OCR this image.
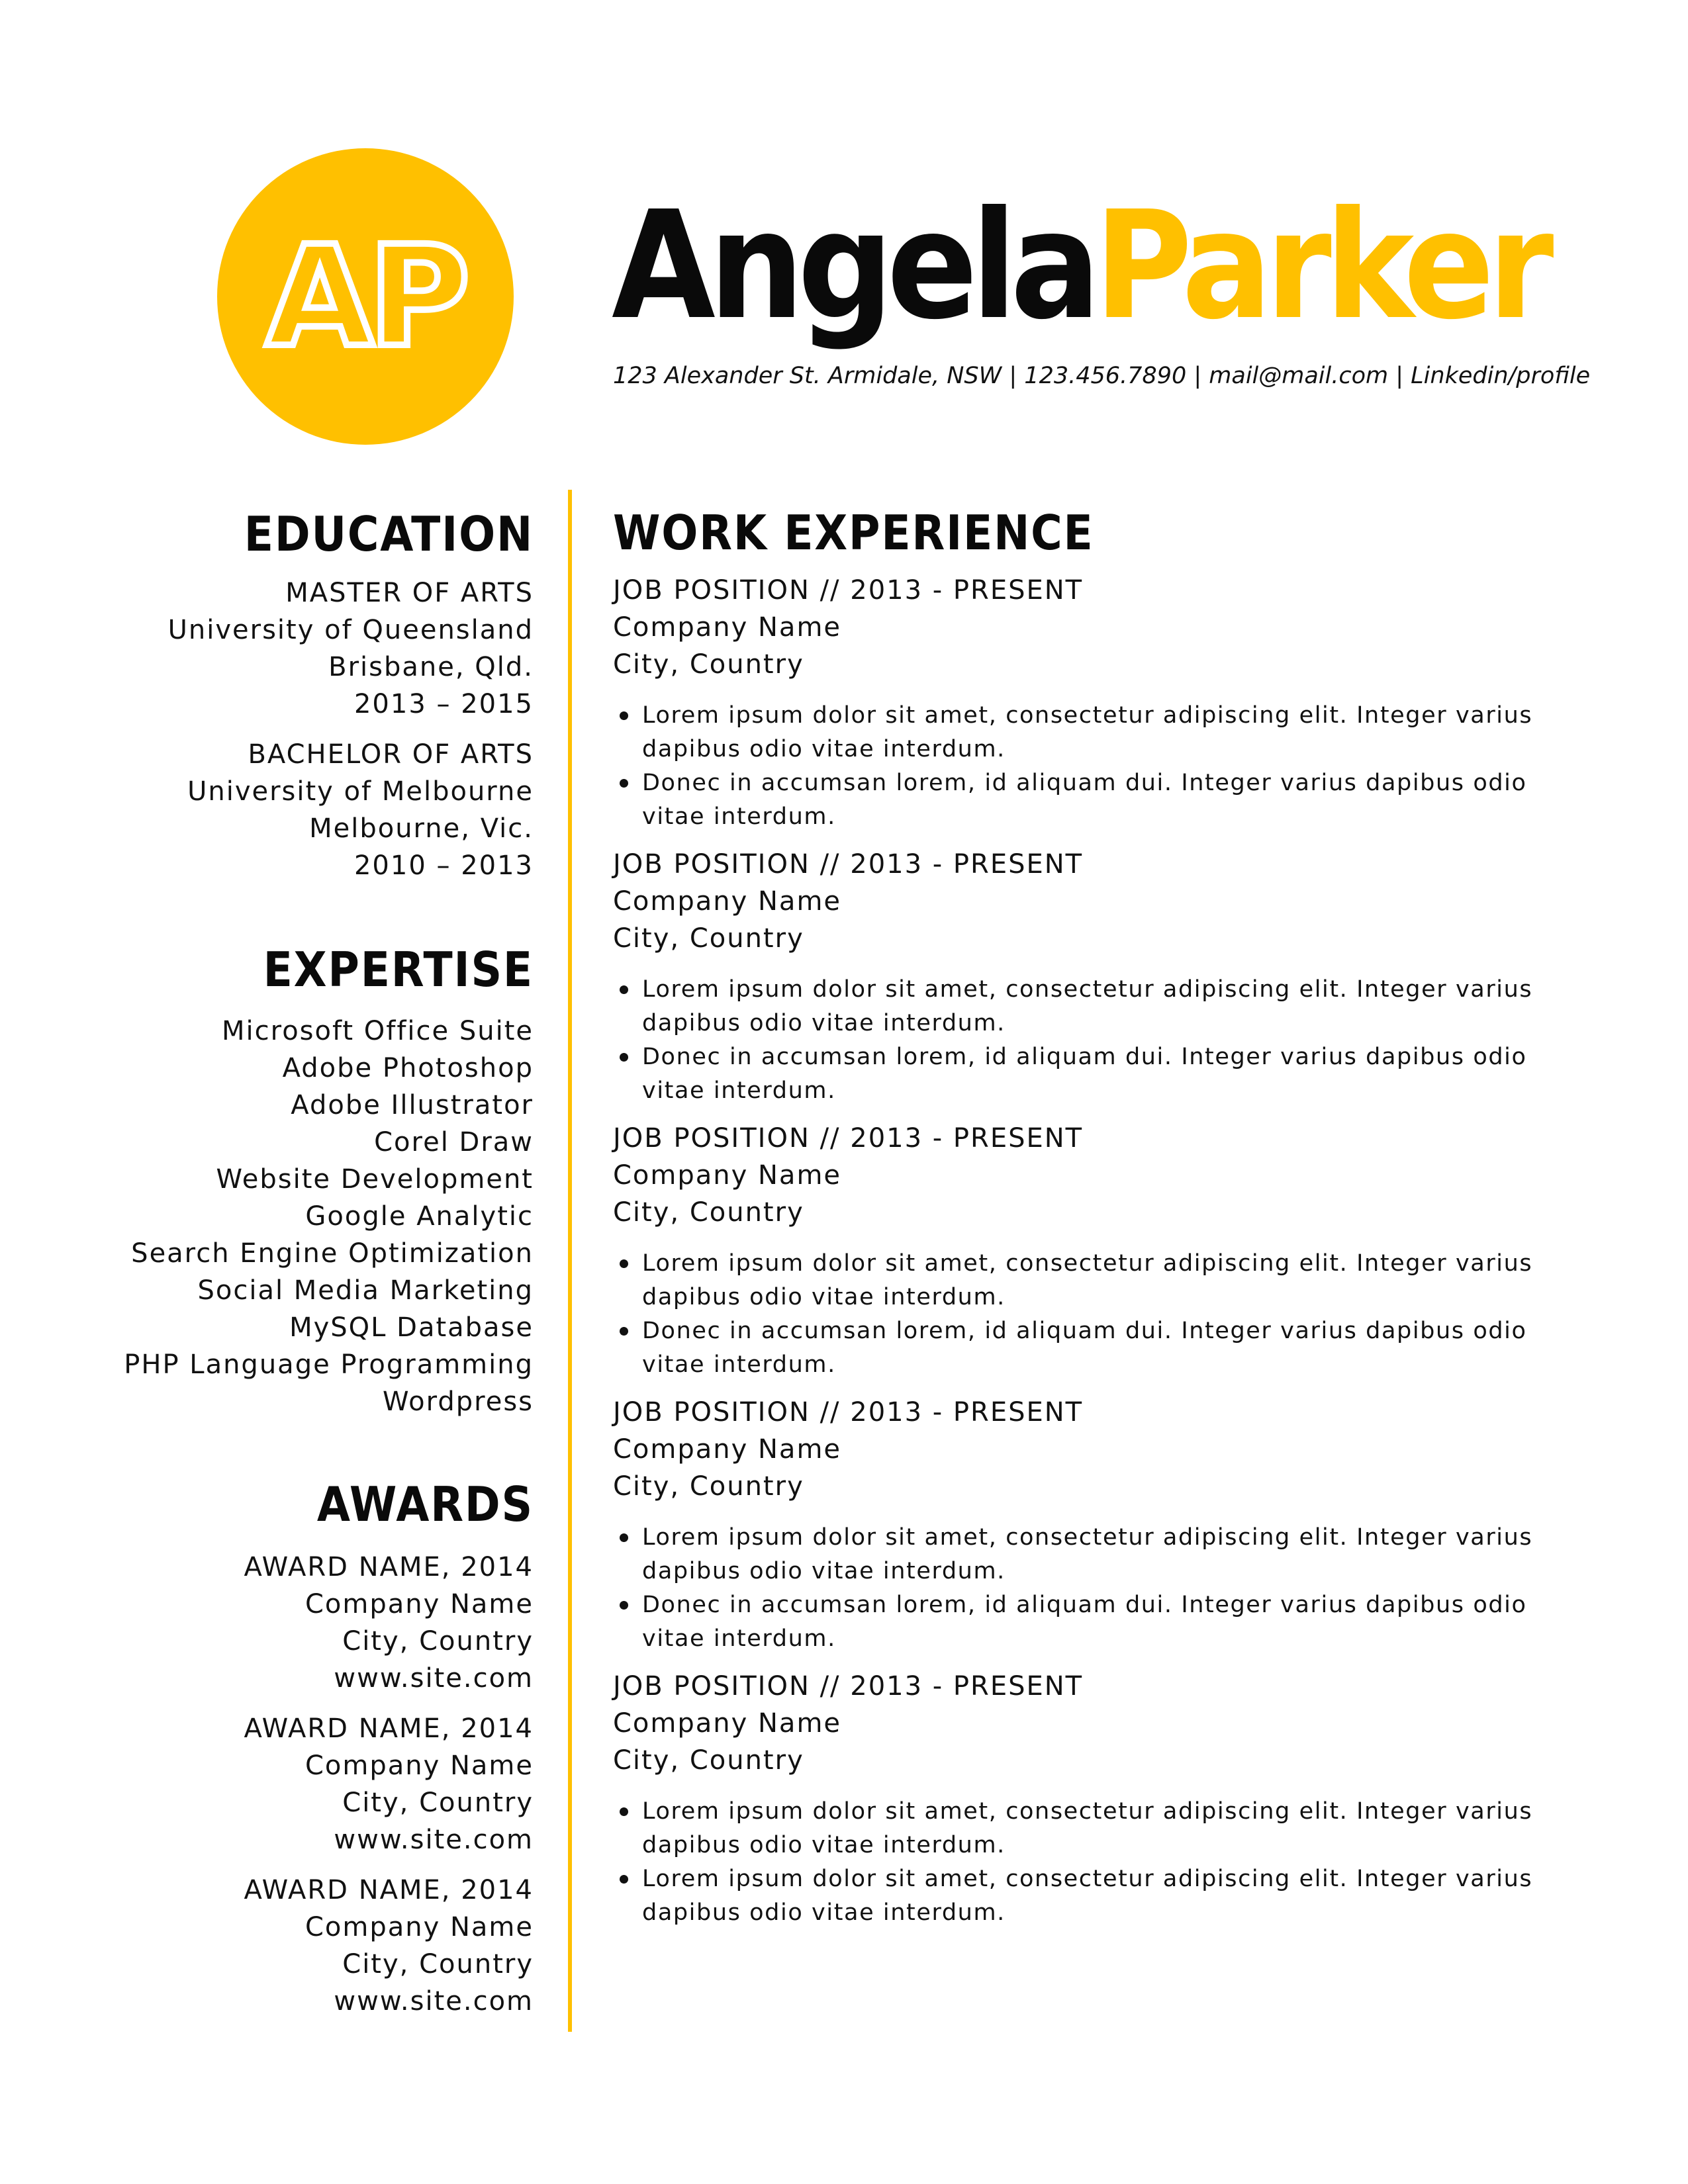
AP AngelaParker
123 Alexander St. Armidale, NSW | 123.456.7890 | mail@mail.com | Linkedin/profile
EDUCATION
MASTER OF ARTS
University of Queensland
Brisbane, Qld.
2013 – 2015
BACHELOR OF ARTS
University of Melbourne
Melbourne, Vic.
2010 – 2013
EXPERTISE
Microsoft Office Suite
Adobe Photoshop
Adobe Illustrator
Corel Draw
Website Development
Google Analytic
Search Engine Optimization
Social Media Marketing
MySQL Database
PHP Language Programming
Wordpress
AWARDS
AWARD NAME, 2014
Company Name
City, Country
www.site.com
AWARD NAME, 2014
Company Name
City, Country
www.site.com
AWARD NAME, 2014
Company Name
City, Country
www.site.com
WORK EXPERIENCE
JOB POSITION // 2013 - PRESENT
Company Name
City, Country
Lorem ipsum dolor sit amet, consectetur adipiscing elit. Integer varius dapibus odio vitae interdum.
Donec in accumsan lorem, id aliquam dui. Integer varius dapibus odio vitae interdum.
JOB POSITION // 2013 - PRESENT
Company Name
City, Country
Lorem ipsum dolor sit amet, consectetur adipiscing elit. Integer varius dapibus odio vitae interdum.
Donec in accumsan lorem, id aliquam dui. Integer varius dapibus odio vitae interdum.
JOB POSITION // 2013 - PRESENT
Company Name
City, Country
Lorem ipsum dolor sit amet, consectetur adipiscing elit. Integer varius dapibus odio vitae interdum.
Donec in accumsan lorem, id aliquam dui. Integer varius dapibus odio vitae interdum.
JOB POSITION // 2013 - PRESENT
Company Name
City, Country
Lorem ipsum dolor sit amet, consectetur adipiscing elit. Integer varius dapibus odio vitae interdum.
Donec in accumsan lorem, id aliquam dui. Integer varius dapibus odio vitae interdum.
JOB POSITION // 2013 - PRESENT
Company Name
City, Country
Lorem ipsum dolor sit amet, consectetur adipiscing elit. Integer varius dapibus odio vitae interdum.
Lorem ipsum dolor sit amet, consectetur adipiscing elit. Integer varius dapibus odio vitae interdum.
